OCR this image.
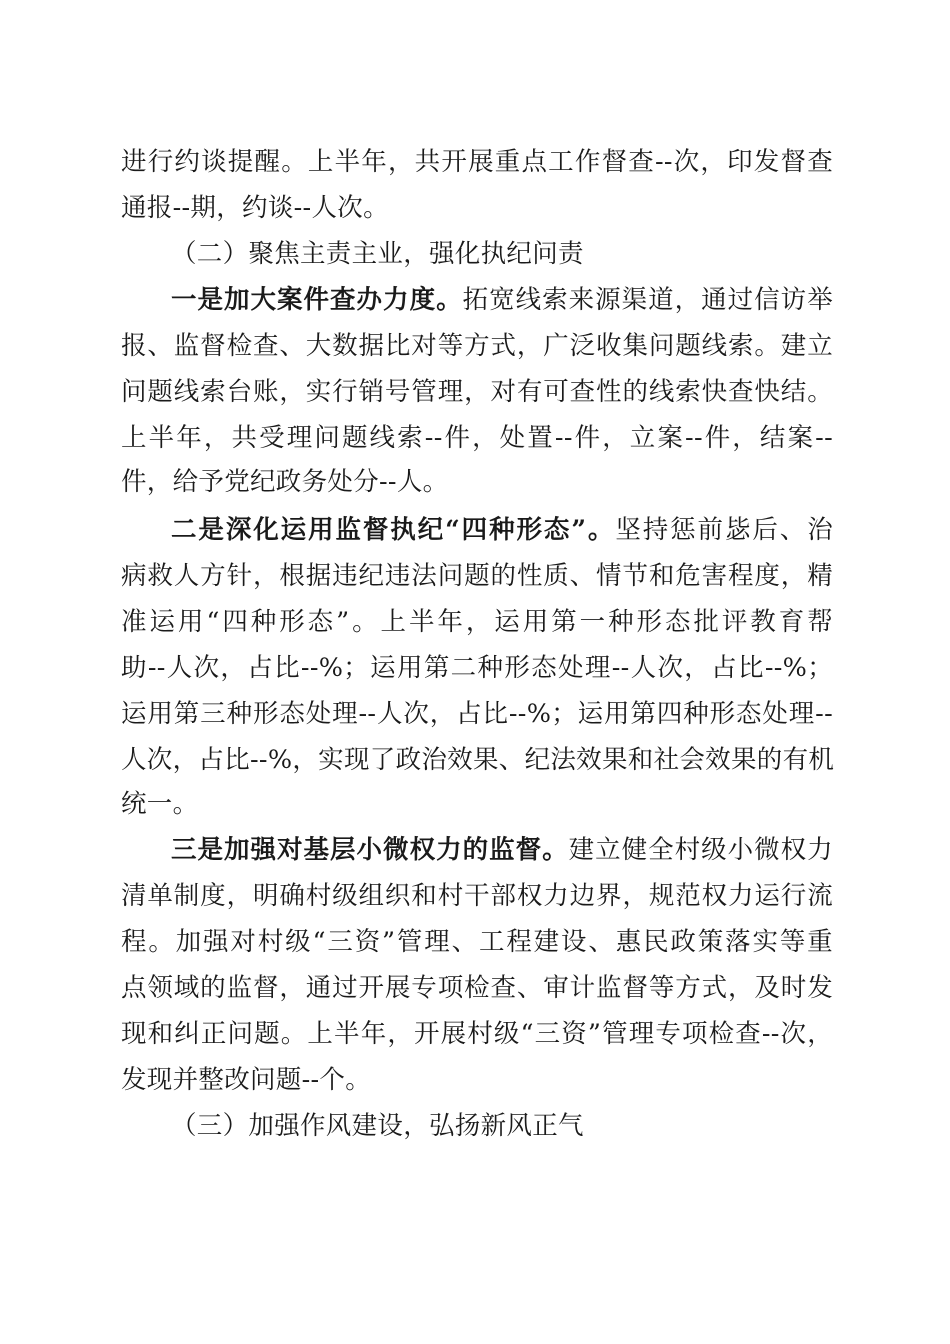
进行约谈提醒。上半年，共开展重点工作督查--次，印发督查
通报--期，约谈--人次。
（二）聚焦主责主业，强化执纪问责
一是加大案件查办力度。拓宽线索来源渠道，通过信访举
报、监督检查、大数据比对等方式，广泛收集问题线索。建立
问题线索台账，实行销号管理，对有可查性的线索快查快结。
上半年，共受理问题线索--件，处置--件，立案--件，结案--
件，给予党纪政务处分--人。
二是深化运用监督执纪“四种形态”。坚持惩前毖后、治
病救人方针，根据违纪违法问题的性质、情节和危害程度，精
准运用“四种形态”。上半年，运用第一种形态批评教育帮
助--人次，占比--%；运用第二种形态处理--人次，占比--%；
运用第三种形态处理--人次，占比--%；运用第四种形态处理--
人次，占比--%，实现了政治效果、纪法效果和社会效果的有机
统一。
三是加强对基层小微权力的监督。建立健全村级小微权力
清单制度，明确村级组织和村干部权力边界，规范权力运行流
程。加强对村级“三资”管理、工程建设、惠民政策落实等重
点领域的监督，通过开展专项检查、审计监督等方式，及时发
现和纠正问题。上半年，开展村级“三资”管理专项检查--次，
发现并整改问题--个。
（三）加强作风建设，弘扬新风正气
